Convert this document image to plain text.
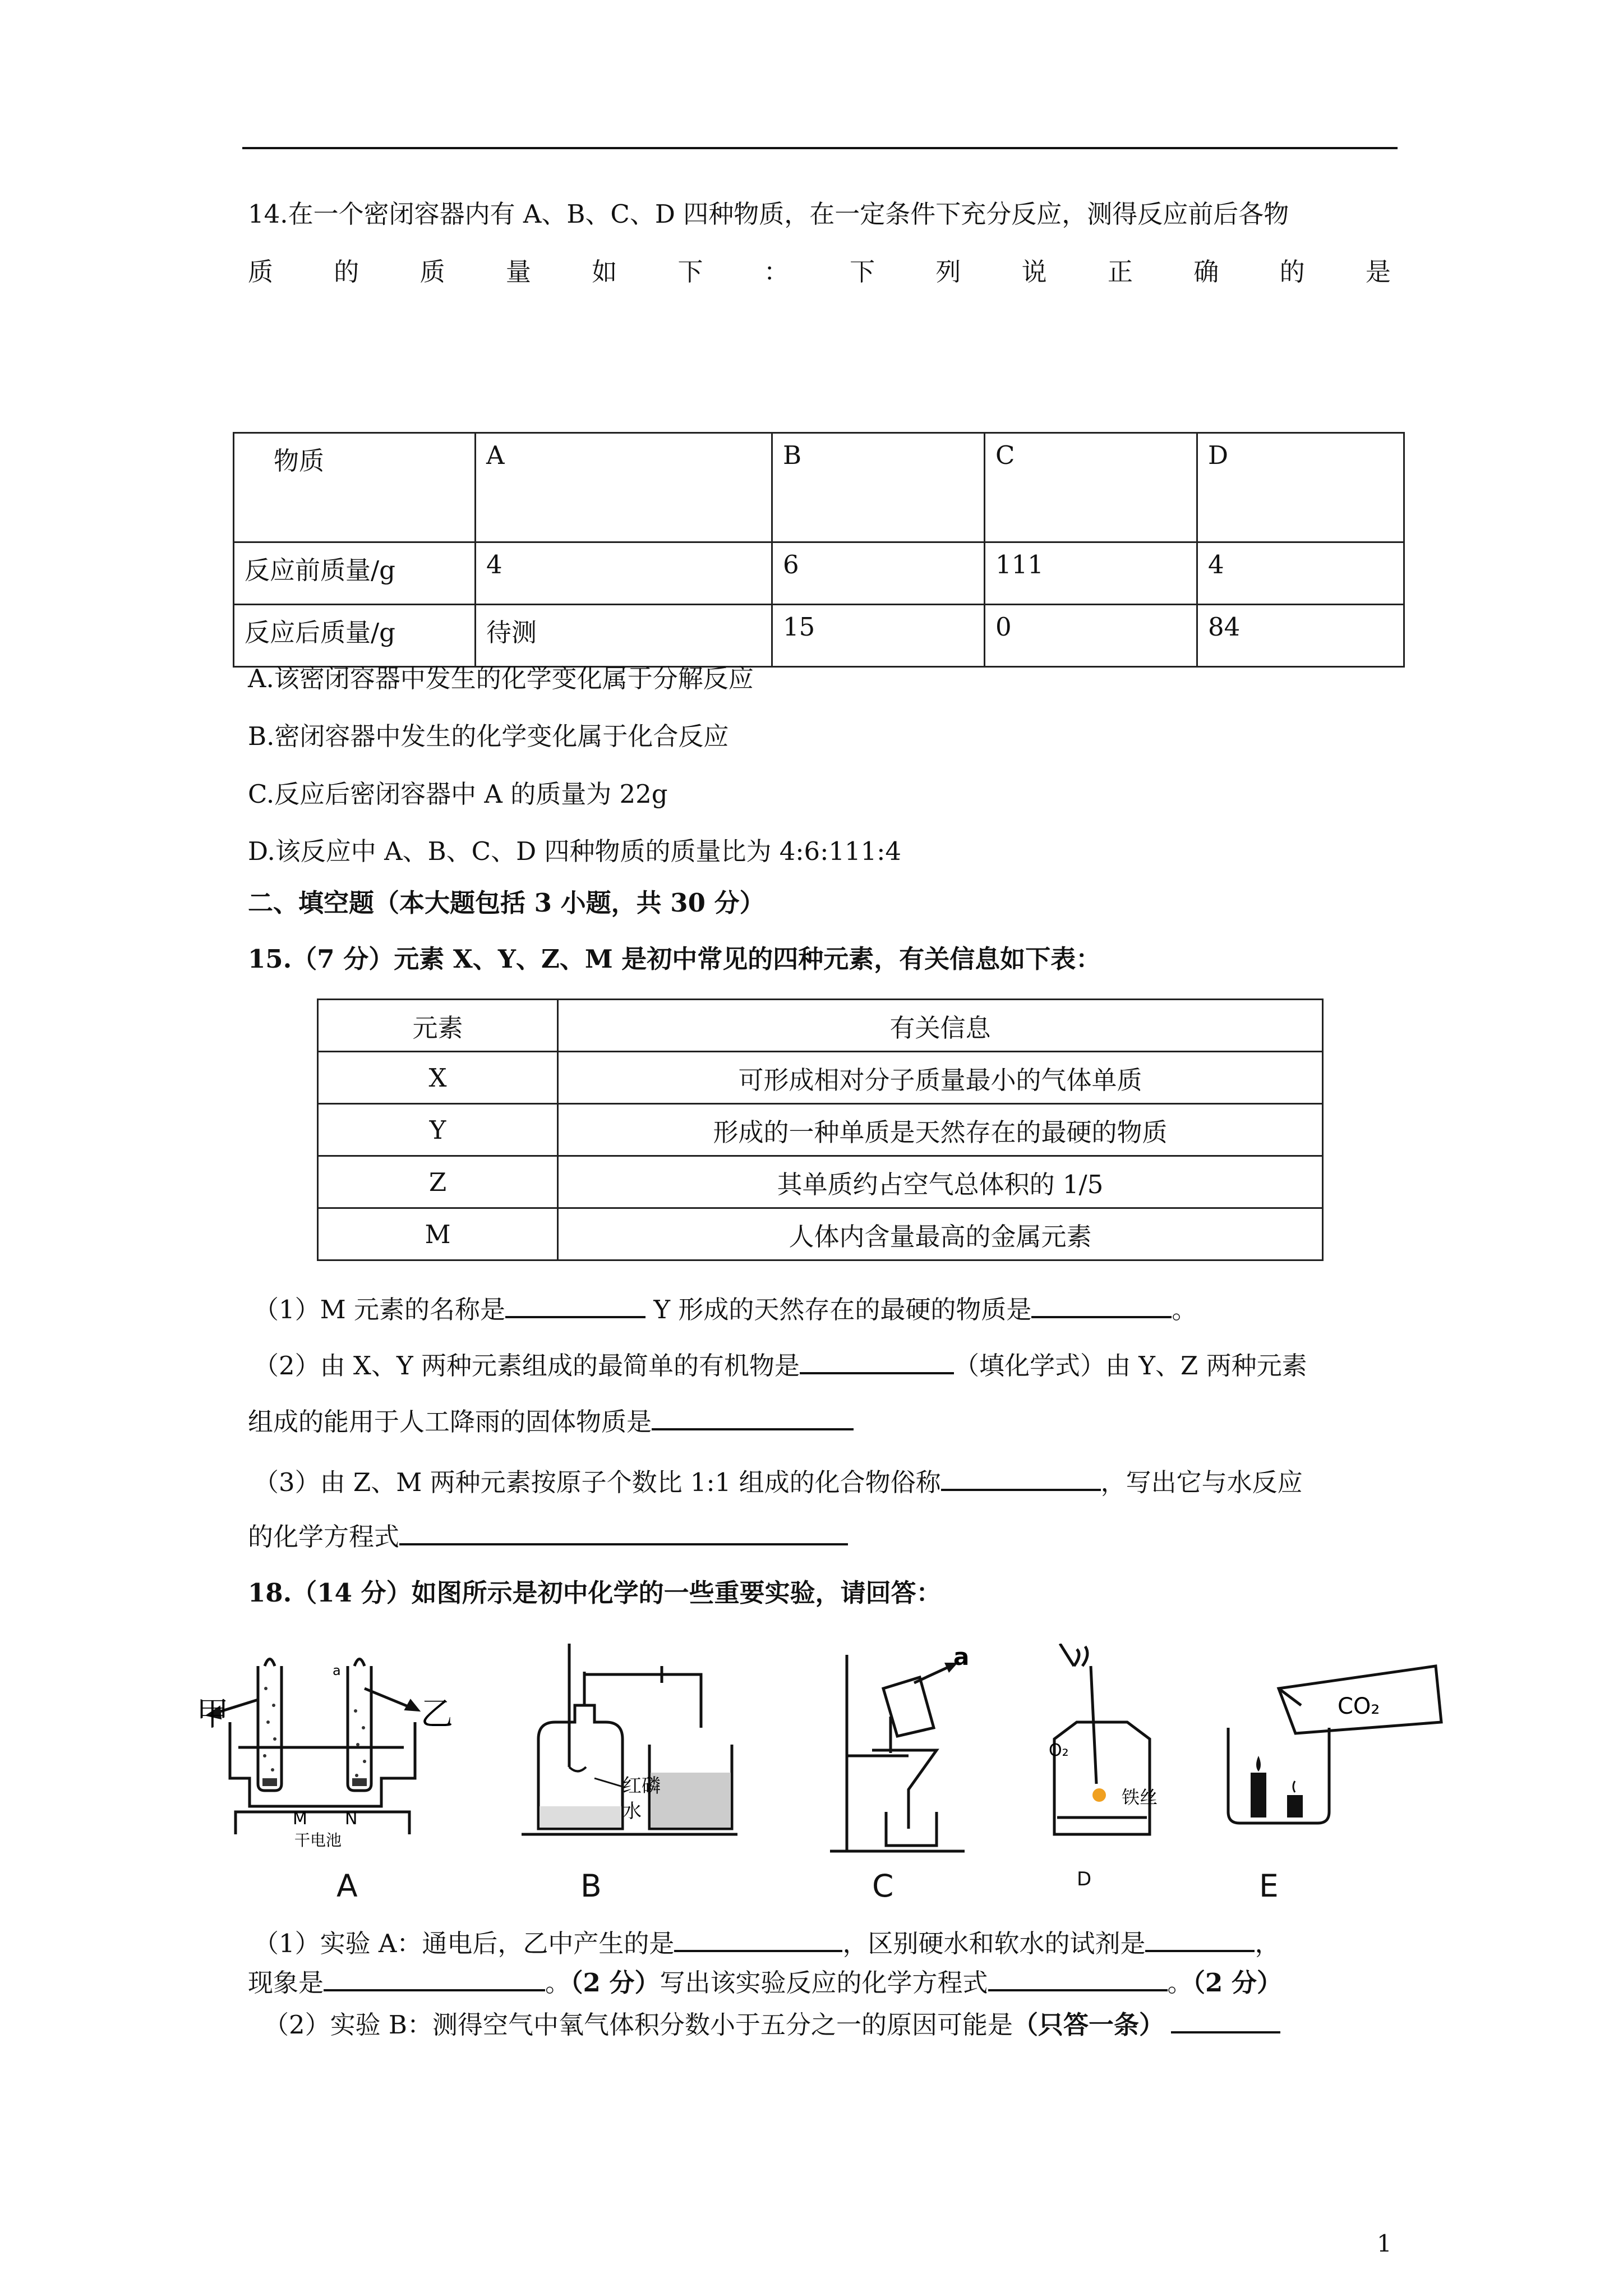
14.在一个密闭容器内有 A、B、C、D 四种物质，在一定条件下充分反应，测得反应前后各物
质 的 质 量 如 下 ： 下 列 说 正 确 的 是
物质	A	B	C	D
反应前质量/g	4	6	111	4
反应后质量/g	待测	15	0	84
A.该密闭容器中发生的化学变化属于分解反应
B.密闭容器中发生的化学变化属于化合反应
C.反应后密闭容器中 A 的质量为 22g
D.该反应中 A、B、C、D 四种物质的质量比为 4:6:111:4
二、填空题（本大题包括 3 小题，共 30 分）
15.（7 分）元素 X、Y、Z、M 是初中常见的四种元素，有关信息如下表：
元素	有关信息
X	可形成相对分子质量最小的气体单质
Y	形成的一种单质是天然存在的最硬的物质
Z	其单质约占空气总体积的 1/5
M	人体内含量最高的金属元素
（1）M 元素的名称是	Y 形成的天然存在的最硬的物质是	。
（2）由 X、Y 两种元素组成的最简单的有机物是	（填化学式）由 Y、Z 两种元素
组成的能用于人工降雨的固体物质是
（3）由 Z、M 两种元素按原子个数比 1:1 组成的化合物俗称	，写出它与水反应
的化学方程式
18.（14 分）如图所示是初中化学的一些重要实验，请回答：
甲	乙
a
M N
干电池
红磷
水
a
O₂
铁丝
CO₂
A	B	C	D	E
（1）实验 A：通电后，乙中产生的是	，区别硬水和软水的试剂是	，
现象是	。（2 分）写出该实验反应的化学方程式	。（2 分）
（2）实验 B：测得空气中氧气体积分数小于五分之一的原因可能是（只答一条）
1
